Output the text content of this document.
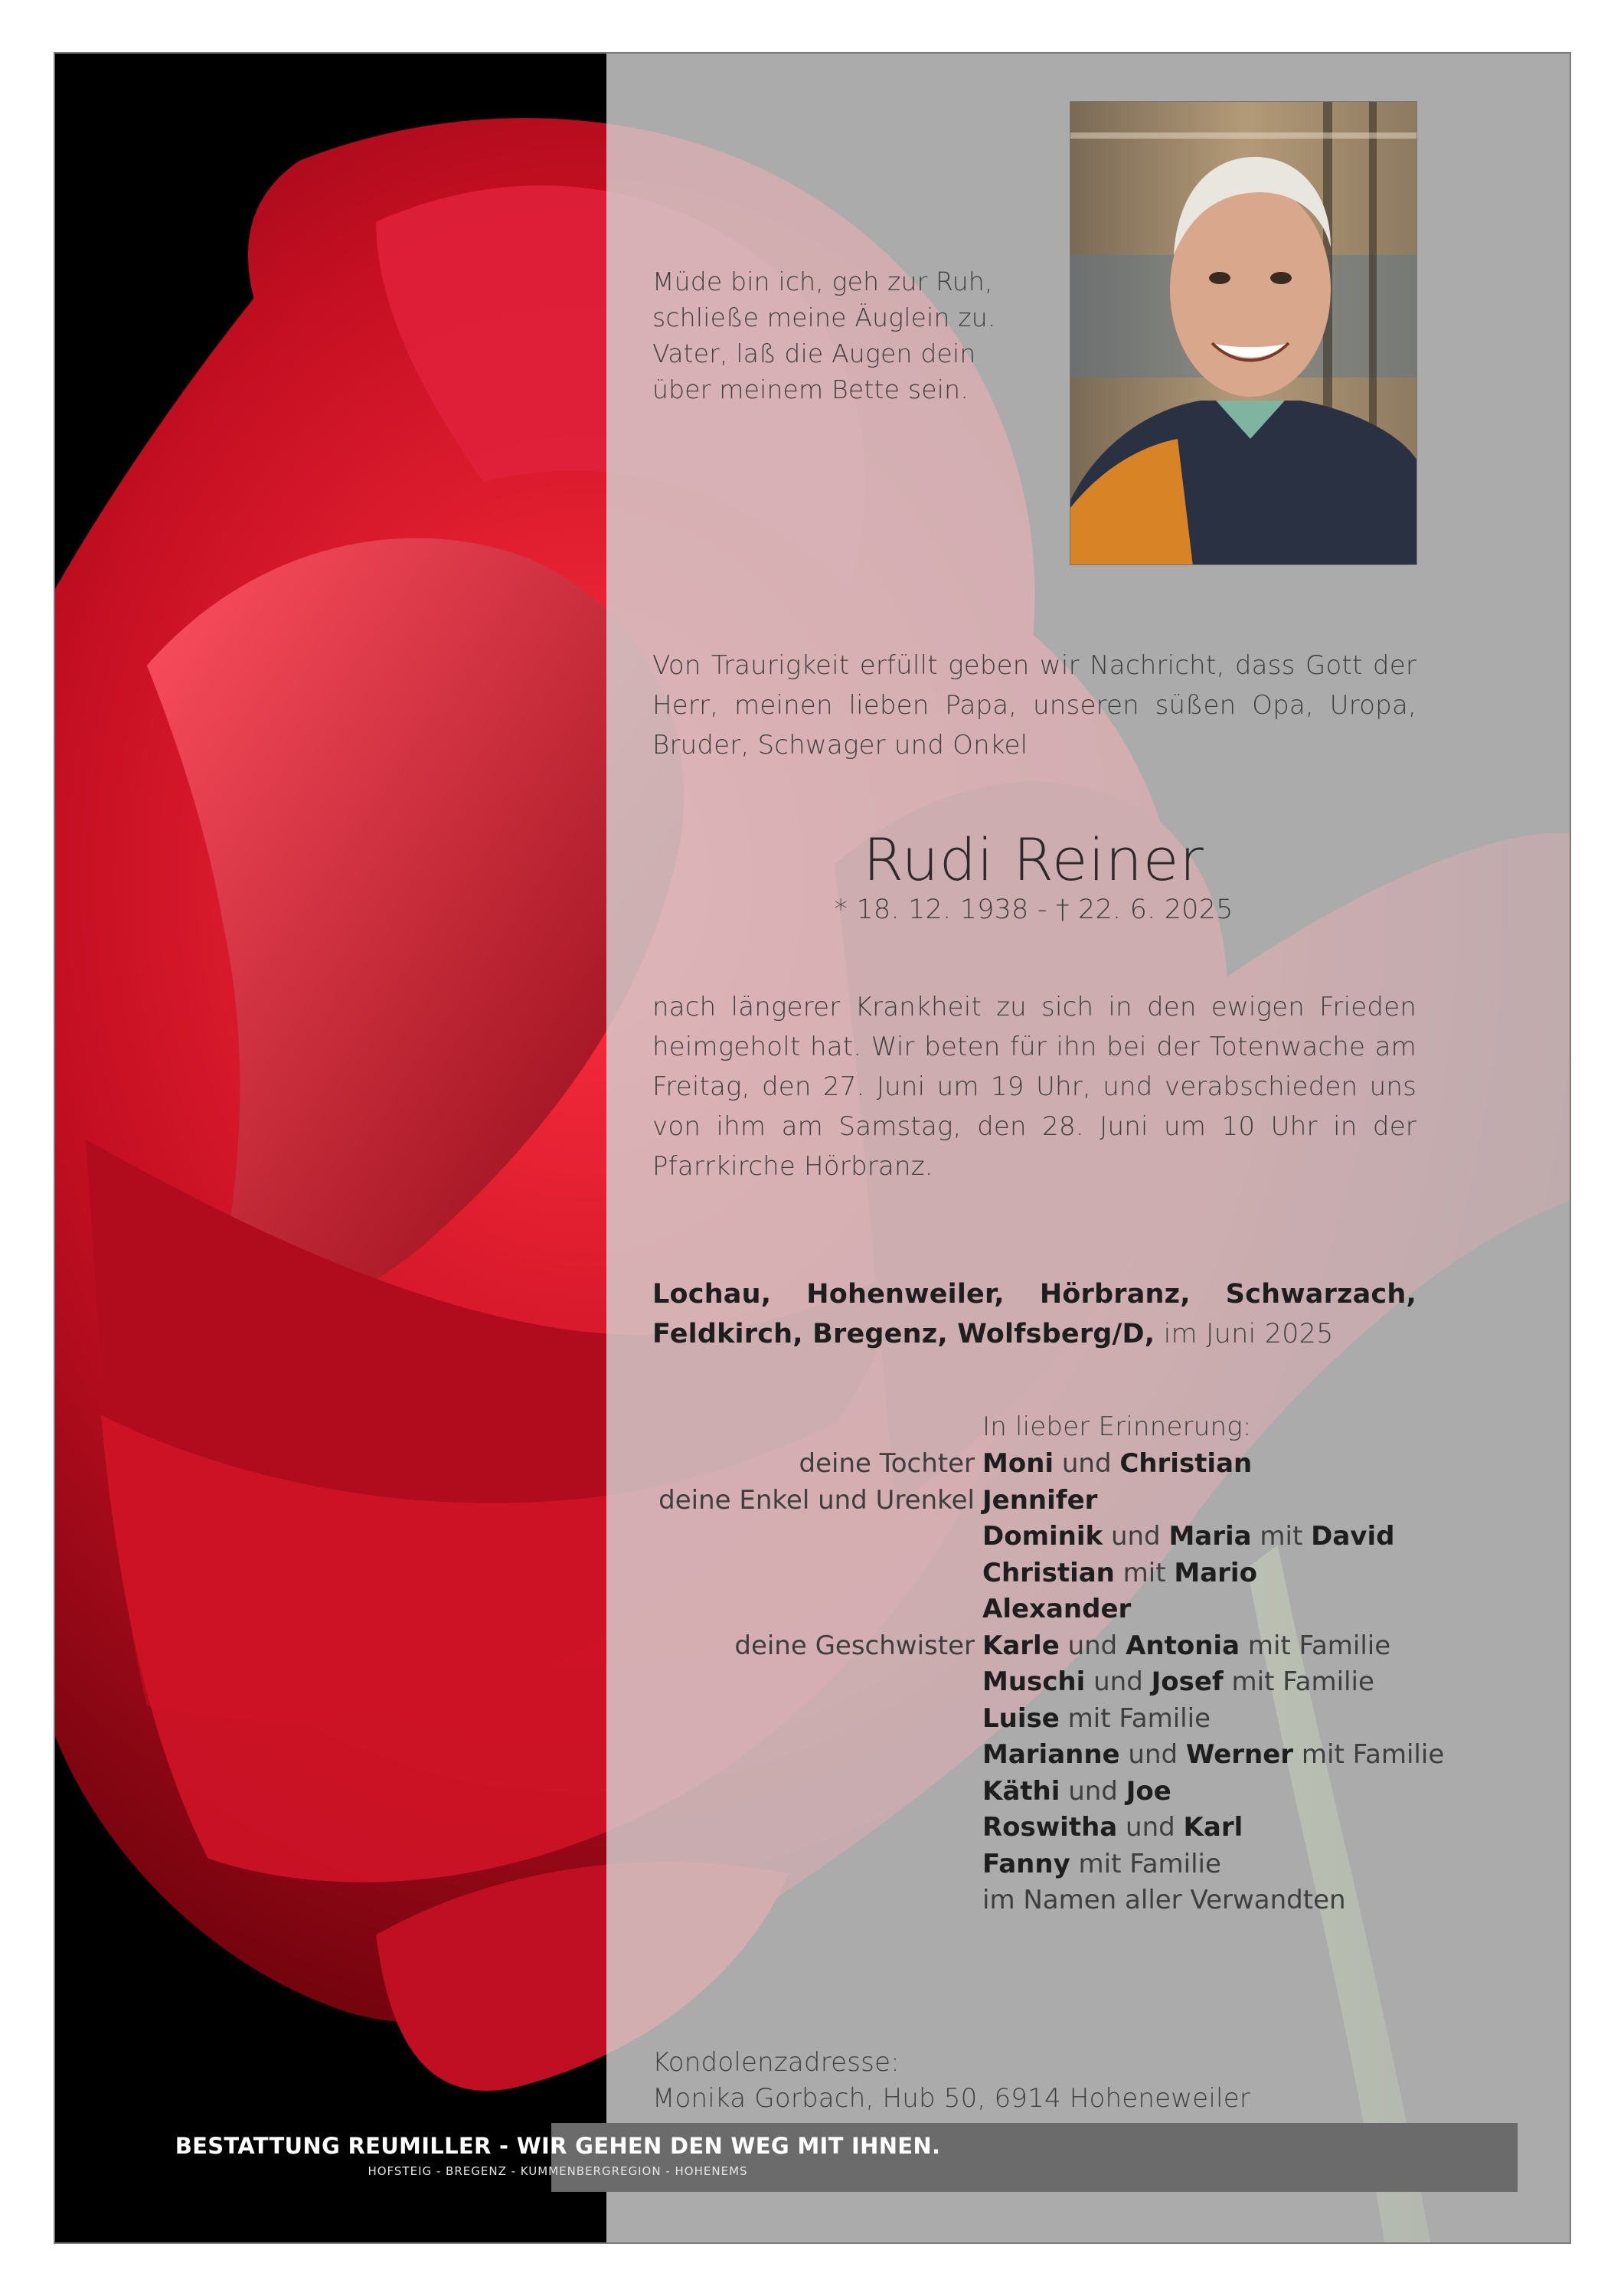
Müde bin ich, geh zur Ruh,
schließe meine Äuglein zu.
Vater, laß die Augen dein
über meinem Bette sein.
Von Traurigkeit erfüllt geben wir Nachricht, dass Gott der Herr, meinen lieben Papa, unseren süßen Opa, Uropa, Bruder, Schwager und Onkel
Rudi Reiner
* 18. 12. 1938 - † 22. 6. 2025
nach längerer Krankheit zu sich in den ewigen Frieden heimgeholt hat. Wir beten für ihn bei der Totenwache am Freitag, den 27. Juni um 19 Uhr, und verabschieden uns von ihm am Samstag, den 28. Juni um 10 Uhr in der Pfarrkirche Hörbranz.
Lochau, Hohenweiler, Hörbranz, Schwarzach, Feldkirch, Bregenz, Wolfsberg/D, im Juni 2025
In lieber Erinnerung:
deine Tochter Moni und Christian
deine Enkel und Urenkel Jennifer
Dominik und Maria mit David
Christian mit Mario
Alexander
deine Geschwister Karle und Antonia mit Familie
Muschi und Josef mit Familie
Luise mit Familie
Marianne und Werner mit Familie
Käthi und Joe
Roswitha und Karl
Fanny mit Familie
im Namen aller Verwandten
Kondolenzadresse:
Monika Gorbach, Hub 50, 6914 Hoheneweiler
BESTATTUNG REUMILLER - WIR GEHEN DEN WEG MIT IHNEN.
HOFSTEIG - BREGENZ - KUMMENBERGREGION - HOHENEMS
